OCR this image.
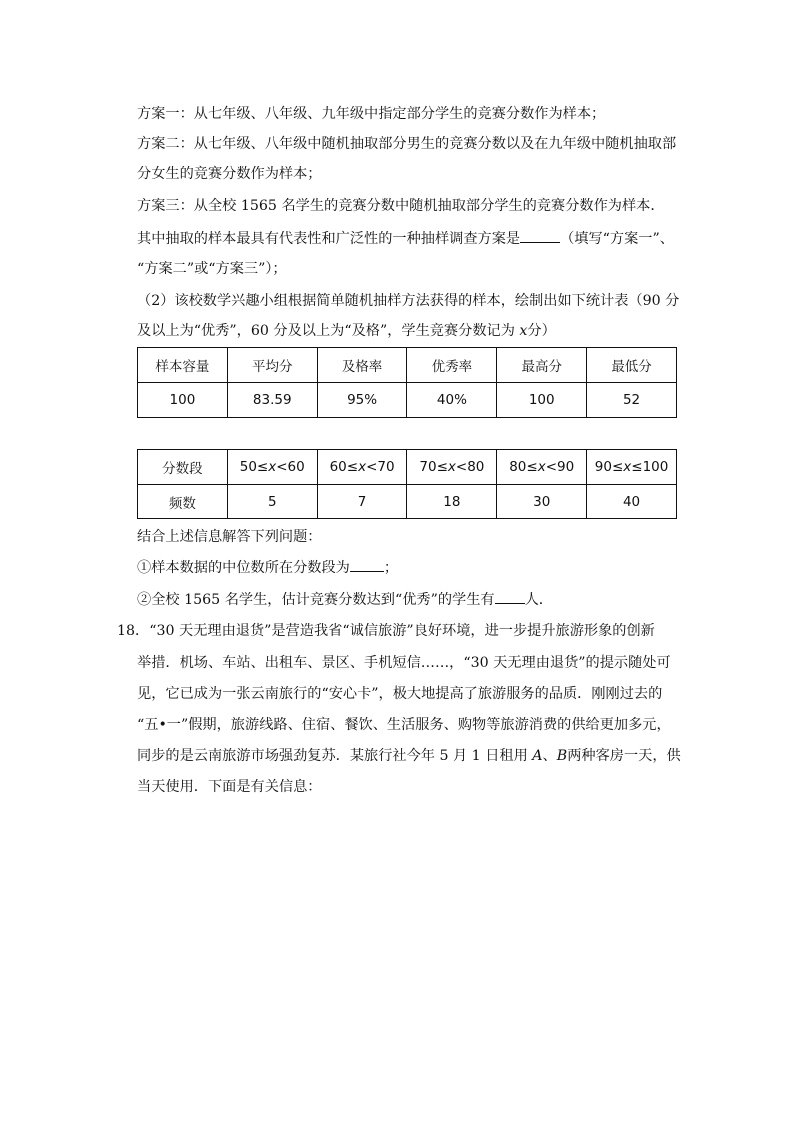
方案一：从七年级、八年级、九年级中指定部分学生的竞赛分数作为样本；
方案二：从七年级、八年级中随机抽取部分男生的竞赛分数以及在九年级中随机抽取部
分女生的竞赛分数作为样本；
方案三：从全校 1565 名学生的竞赛分数中随机抽取部分学生的竞赛分数作为样本．
其中抽取的样本最具有代表性和广泛性的一种抽样调查方案是	（填写“方案一”、
“方案二”或“方案三”）；
（2）该校数学兴趣小组根据简单随机抽样方法获得的样本，绘制出如下统计表（90 分
及以上为“优秀”，60 分及以上为“及格”，学生竞赛分数记为 x分）
样本容量	平均分	及格率	优秀率	最高分	最低分
100	83.59	95%	40%	100	52
分数段	50≤x<60	60≤x<70	70≤x<80	80≤x<90	90≤x≤100
频数	5	7	18	30	40
结合上述信息解答下列问题：
①样本数据的中位数所在分数段为 ；
②全校 1565 名学生，估计竞赛分数达到“优秀”的学生有 人．
18．“30 天无理由退货”是营造我省“诚信旅游”良好环境，进一步提升旅游形象的创新
举措．机场、车站、出租车、景区、手机短信……，“30 天无理由退货”的提示随处可
见，它已成为一张云南旅行的“安心卡”，极大地提高了旅游服务的品质．刚刚过去的
“五•一”假期，旅游线路、住宿、餐饮、生活服务、购物等旅游消费的供给更加多元，
同步的是云南旅游市场强劲复苏．某旅行社今年 5 月 1 日租用 A、B两种客房一天，供
当天使用．下面是有关信息：
